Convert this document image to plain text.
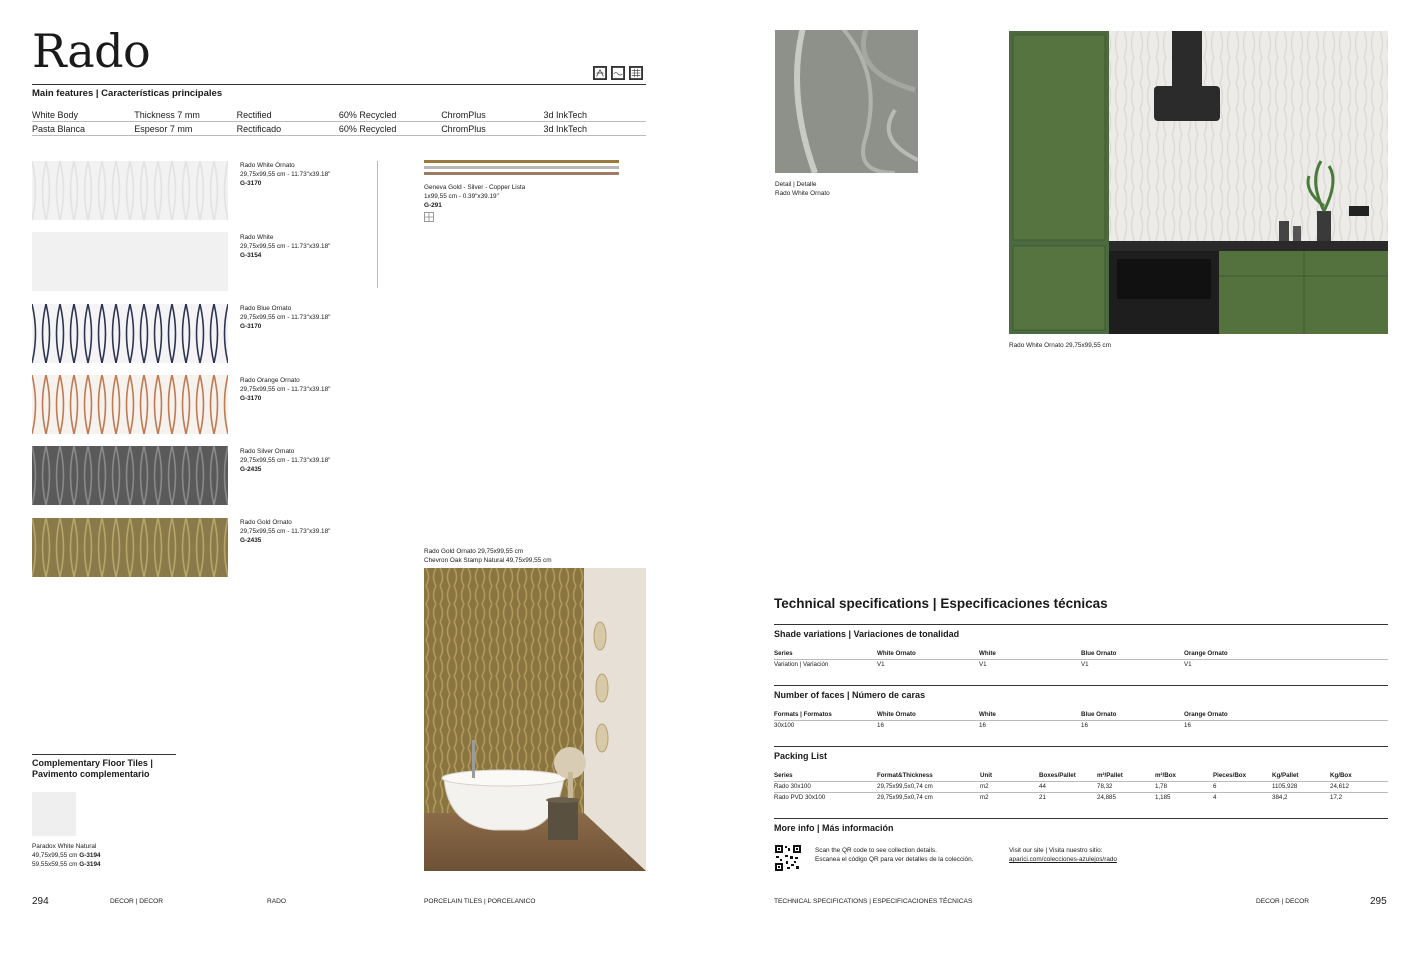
Rado
Main features | Características principales
White Body	Thickness 7 mm	Rectified	60% Recycled	ChromPlus	3d InkTech
Pasta Blanca	Espesor 7 mm	Rectificado	60% Recycled	ChromPlus	3d InkTech
Rado White Ornato
29,75x99,55 cm - 11.73"x39.18"
G-3170
Rado White
29,75x99,55 cm - 11.73"x39.18"
G-3154
Rado Blue Ornato
29,75x99,55 cm - 11.73"x39.18"
G-3170
Rado Orange Ornato
29,75x99,55 cm - 11.73"x39.18"
G-3170
Rado Silver Ornato
29,75x99,55 cm - 11.73"x39.18"
G-2435
Rado Gold Ornato
29,75x99,55 cm - 11.73"x39.18"
G-2435
Geneva Gold - Silver - Copper Lista
1x99,55 cm - 0.39"x39.19"
G-291
Rado Gold Ornato 29,75x99,55 cm
Chevron Oak Stamp Natural 49,75x99,55 cm
Complementary Floor Tiles |
Pavimento complementario
Paradox White Natural
49,75x99,55 cm G-3194
59,55x59,55 cm G-3194
294	DECOR | DECOR	RADO	PORCELAIN TILES | PORCELANICO
Detail | Detalle
Rado White Ornato
Rado White Ornato 29,75x99,55 cm
Technical specifications | Especificaciones técnicas
Shade variations | Variaciones de tonalidad
Series	White Ornato	White	Blue Ornato	Orange Ornato
Variation | Variación	V1	V1	V1	V1
Number of faces | Número de caras
Formats | Formatos	White Ornato	White	Blue Ornato	Orange Ornato
30x100	16	16	16	16
Packing List
Series	Format&Thickness	Unit	Boxes/Pallet	m²/Pallet	m²/Box	Pieces/Box	Kg/Pallet	Kg/Box
Rado 30x100	29,75x99,5x0,74 cm	m2	44	78,32	1,78	6	1105,928	24,612
Rado PVD 30x100	29,75x99,5x0,74 cm	m2	21	24,885	1,185	4	384,2	17,2
More info | Más información
Scan the QR code to see collection details.
Escanea el código QR para ver detalles de la colección.
Visit our site | Visita nuestro sitio:
aparici.com/colecciones-azulejos/rado
TECHNICAL SPECIFICATIONS | ESPECIFICACIONES TÉCNICAS	DECOR | DECOR	295
